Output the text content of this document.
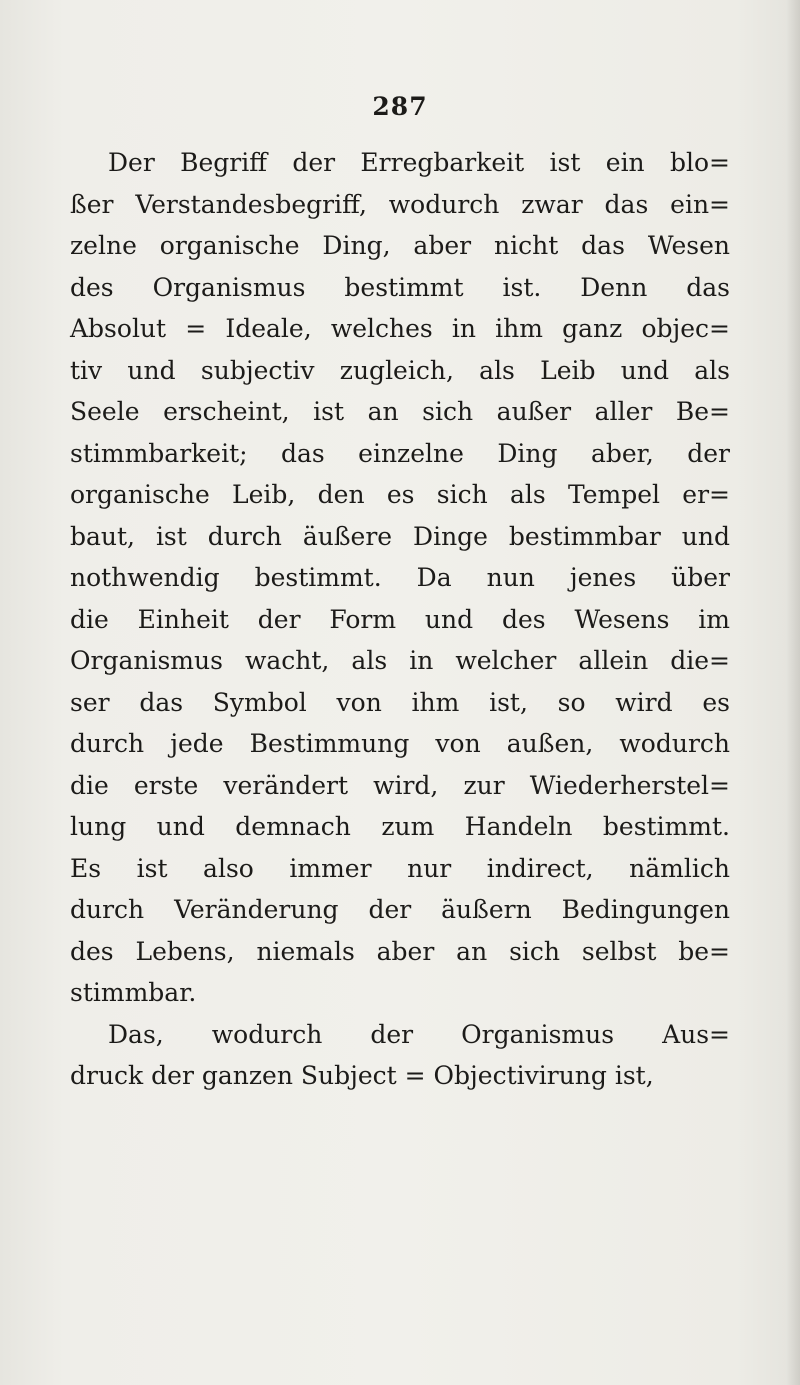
287
Der Begriff der Erregbarkeit ist ein blo=
ßer Verstandesbegriff, wodurch zwar das ein=
zelne organische Ding, aber nicht das Wesen
des Organismus bestimmt ist. Denn das
Absolut = Ideale, welches in ihm ganz objec=
tiv und subjectiv zugleich, als Leib und als
Seele erscheint, ist an sich außer aller Be=
stimmbarkeit; das einzelne Ding aber, der
organische Leib, den es sich als Tempel er=
baut, ist durch äußere Dinge bestimmbar und
nothwendig bestimmt. Da nun jenes über
die Einheit der Form und des Wesens im
Organismus wacht, als in welcher allein die=
ser das Symbol von ihm ist, so wird es
durch jede Bestimmung von außen, wodurch
die erste verändert wird, zur Wiederherstel=
lung und demnach zum Handeln bestimmt.
Es ist also immer nur indirect, nämlich
durch Veränderung der äußern Bedingungen
des Lebens, niemals aber an sich selbst be=
stimmbar.
Das, wodurch der Organismus Aus=
druck der ganzen Subject = Objectivirung ist,
